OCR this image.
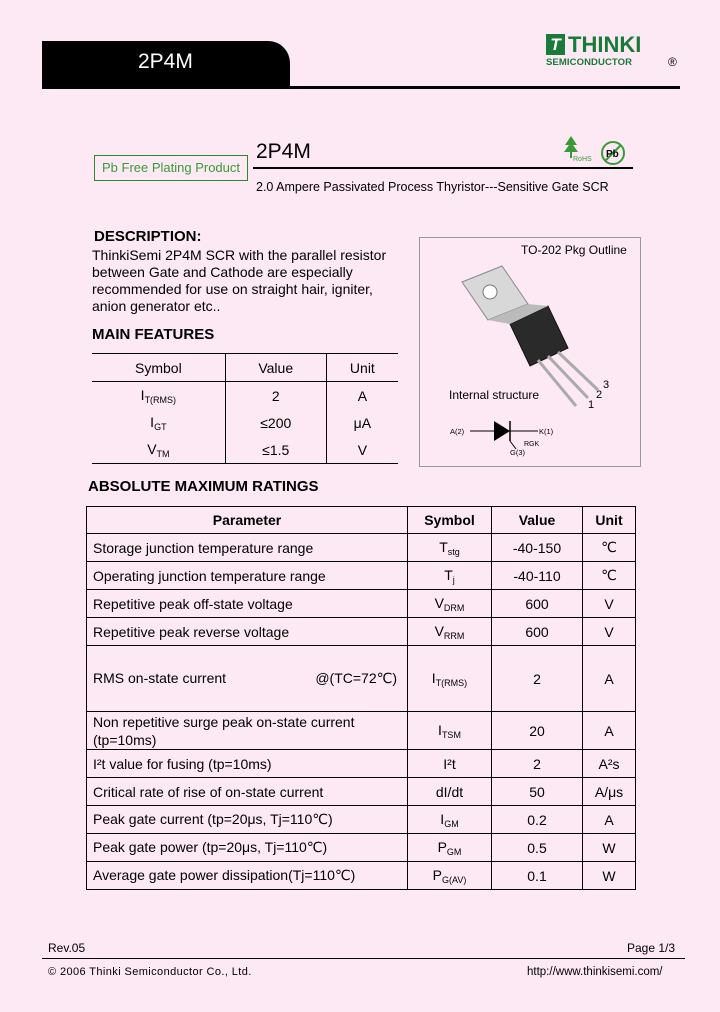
2P4M
T THINKI
SEMICONDUCTOR	®
Pb Free Plating Product
2P4M
2.0 Ampere Passivated Process Thyristor---Sensitive Gate SCR
RoHS Pb
DESCRIPTION:
ThinkiSemi 2P4M SCR with the parallel resistor
between Gate and Cathode are especially
recommended for use on straight hair, igniter,
anion generator etc..
MAIN FEATURES
Symbol	Value	Unit
$I_{T(RMS)}$	2	A
$I_{GT}$	≤200	μA
$V_{TM}$	≤1.5	V
TO-202 Pkg Outline
1
2
3
A(2)	K(1)
RGK
G(3)
Internal structure
ABSOLUTE MAXIMUM RATINGS
Parameter	Symbol	Value	Unit
Storage junction temperature range	$T_{stg}$	-40-150	℃
Operating junction temperature range	$T_j$	-40-110	℃
Repetitive peak off-state voltage	$V_{DRM}$	600	V
Repetitive peak reverse voltage	$V_{RRM}$	600	V
RMS on-state current @(TC=72℃)	$I_{T(RMS)}$	2	A

Non repetitive surge peak on-state current
(tp=10ms)	$I_{TSM}$	20	A
I²t value for fusing (tp=10ms)	I²t	2	A²s
Critical rate of rise of on-state current	dI/dt	50	A/μs
Peak gate current (tp=20μs, Tj=110℃)	$I_{GM}$	0.2	A
Peak gate power (tp=20μs, Tj=110℃)	$P_{GM}$	0.5	W
Average gate power dissipation(Tj=110℃)	$P_{G(AV)}$	0.1	W
Rev.05	Page 1/3
© 2006 Thinki Semiconductor Co., Ltd.	http://www.thinkisemi.com/
